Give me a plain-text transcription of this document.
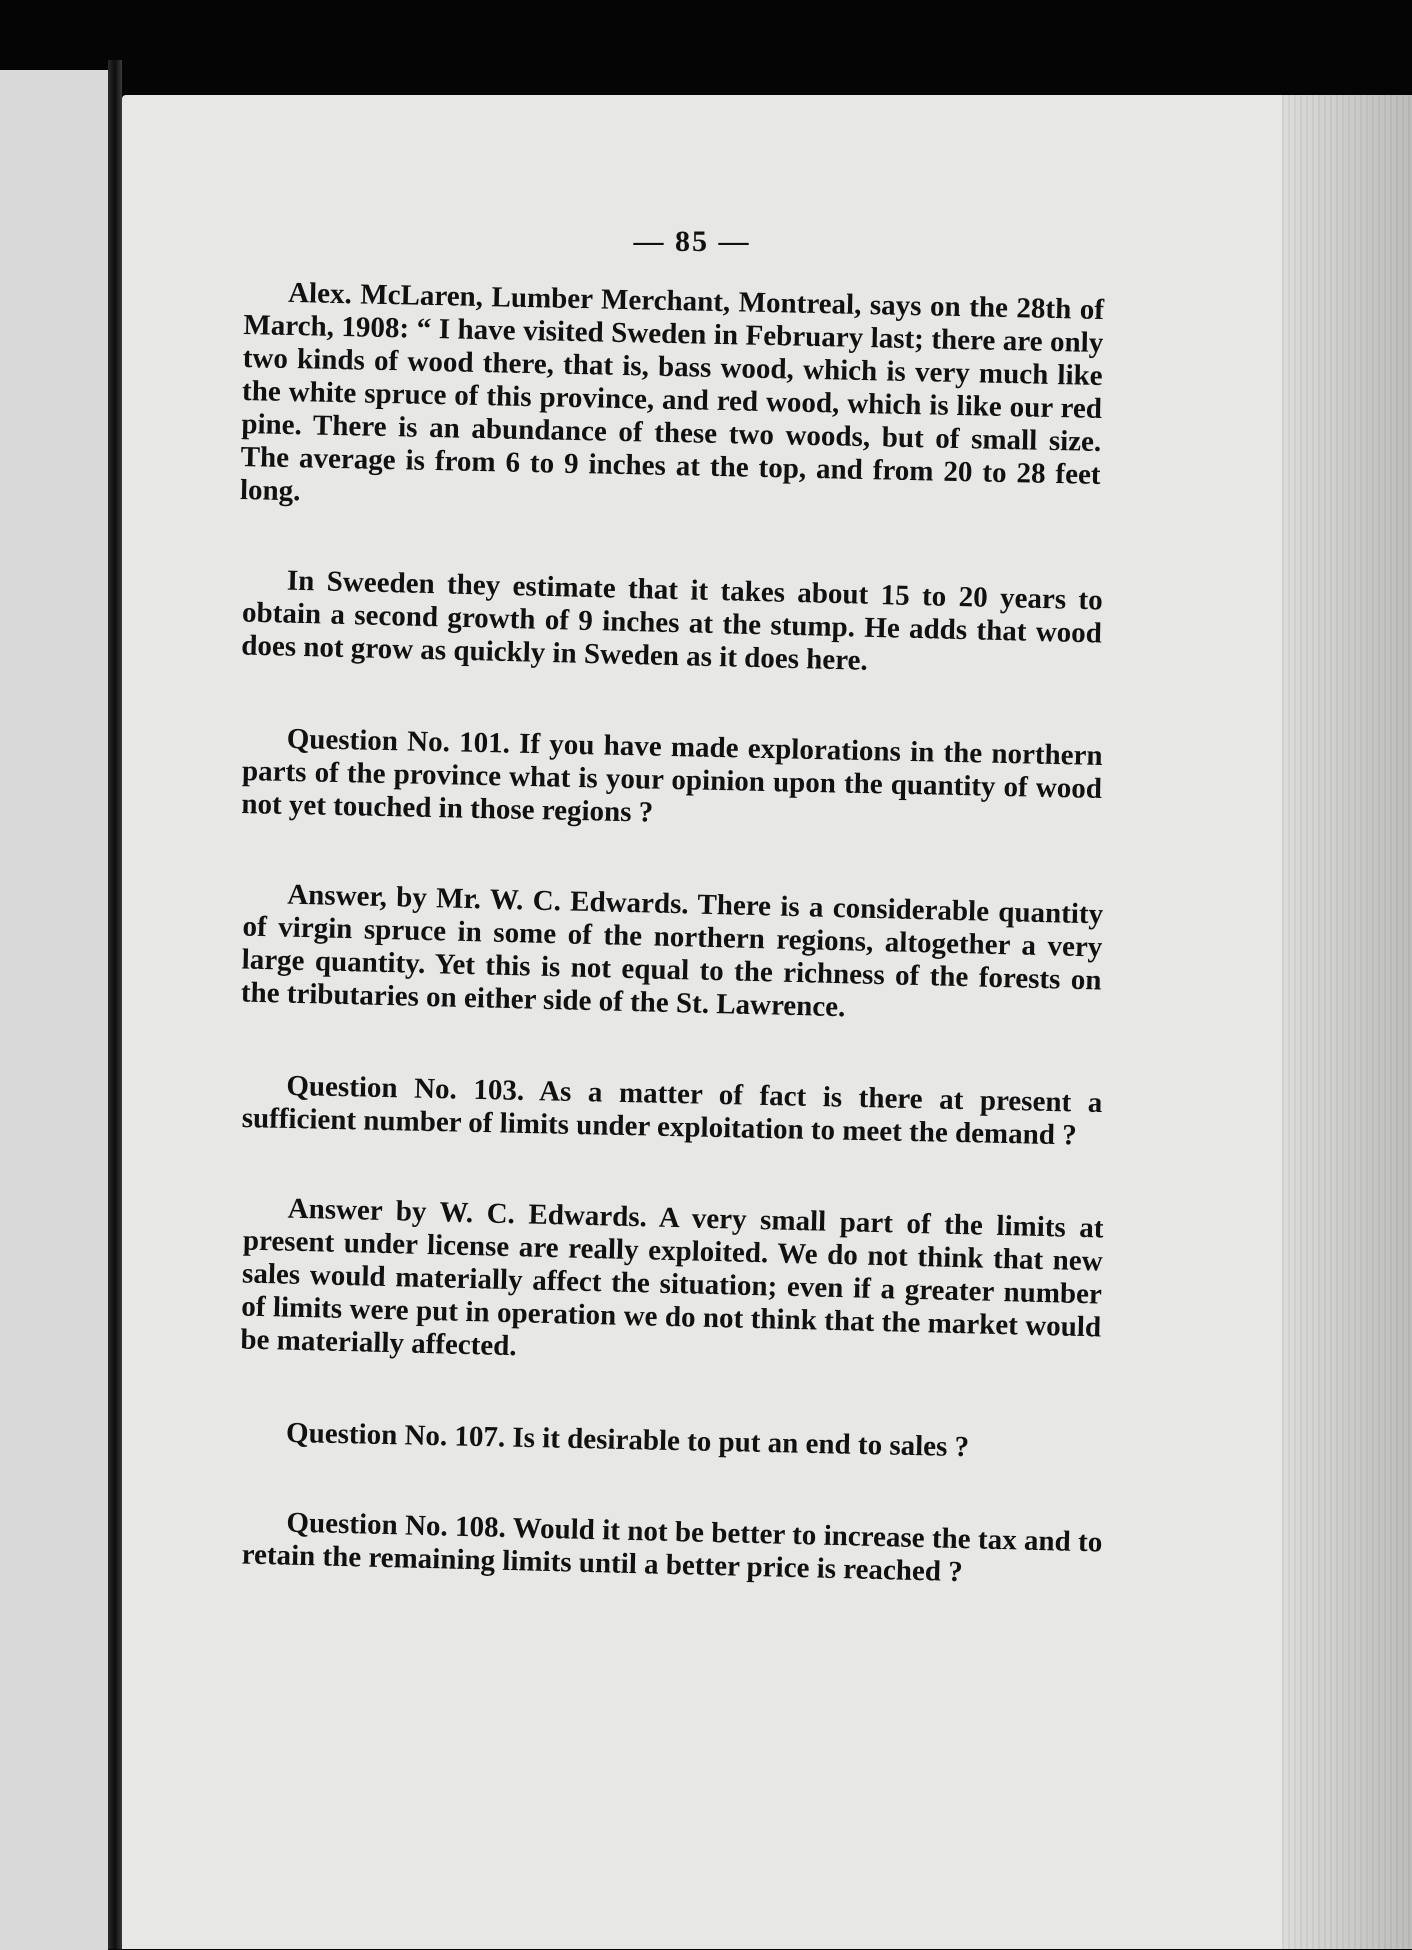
— 85 —

Alex. McLaren, Lumber Merchant, Montreal, says on the 28th of March, 1908: “ I have visited Sweden in February last; there are only two kinds of wood there, that is, bass wood, which is very much like the white spruce of this province, and red wood, which is like our red pine. There is an abundance of these two woods, but of small size. The average is from 6 to 9 inches at the top, and from 20 to 28 feet long.

In Sweeden they estimate that it takes about 15 to 20 years to obtain a second growth of 9 inches at the stump. He adds that wood does not grow as quickly in Sweden as it does here.

Question No. 101. If you have made explorations in the northern parts of the province what is your opinion upon the quantity of wood not yet touched in those regions ?

Answer, by Mr. W. C. Edwards. There is a considerable quantity of virgin spruce in some of the northern regions, altogether a very large quantity. Yet this is not equal to the richness of the forests on the tributaries on either side of the St. Lawrence.

Question No. 103. As a matter of fact is there at present a sufficient number of limits under exploitation to meet the demand ?

Answer by W. C. Edwards. A very small part of the limits at present under license are really exploited. We do not think that new sales would materially affect the situation; even if a greater number of limits were put in operation we do not think that the market would be materially affected.

Question No. 107. Is it desirable to put an end to sales ?

Question No. 108. Would it not be better to increase the tax and to retain the remaining limits until a better price is reached ?
